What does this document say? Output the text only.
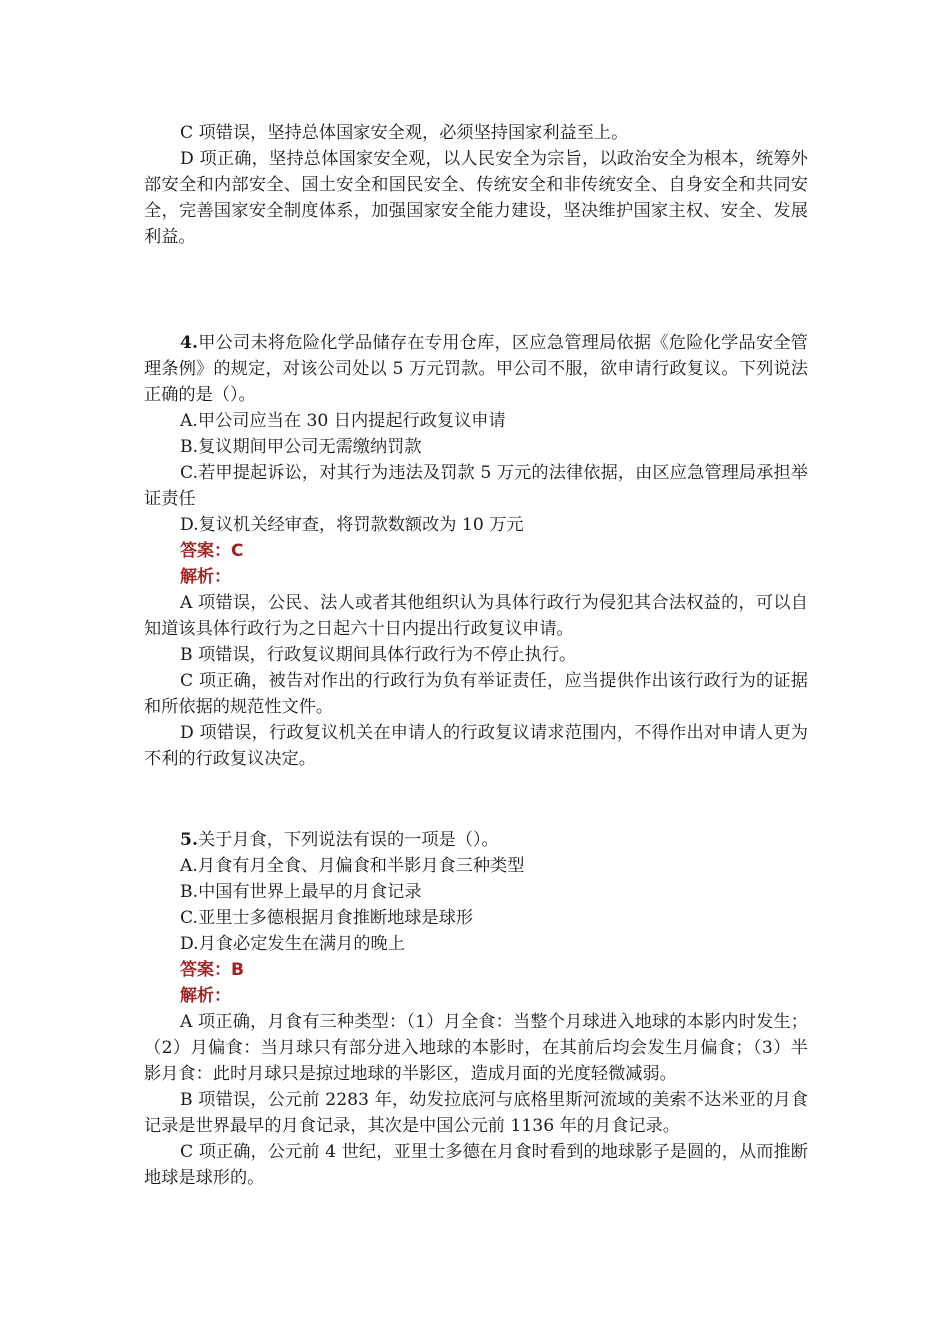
C 项错误，坚持总体国家安全观，必须坚持国家利益至上。

D 项正确，坚持总体国家安全观，以人民安全为宗旨，以政治安全为根本，统筹外部安全和内部安全、国土安全和国民安全、传统安全和非传统安全、自身安全和共同安全，完善国家安全制度体系，加强国家安全能力建设，坚决维护国家主权、安全、发展利益。

4.甲公司未将危险化学品储存在专用仓库，区应急管理局依据《危险化学品安全管理条例》的规定，对该公司处以 5 万元罚款。甲公司不服，欲申请行政复议。下列说法正确的是（）。

A.甲公司应当在 30 日内提起行政复议申请

B.复议期间甲公司无需缴纳罚款

C.若甲提起诉讼，对其行为违法及罚款 5 万元的法律依据，由区应急管理局承担举证责任

D.复议机关经审查，将罚款数额改为 10 万元

答案：C

解析：

A 项错误，公民、法人或者其他组织认为具体行政行为侵犯其合法权益的，可以自知道该具体行政行为之日起六十日内提出行政复议申请。

B 项错误，行政复议期间具体行政行为不停止执行。

C 项正确，被告对作出的行政行为负有举证责任，应当提供作出该行政行为的证据和所依据的规范性文件。

D 项错误，行政复议机关在申请人的行政复议请求范围内，不得作出对申请人更为不利的行政复议决定。

5.关于月食，下列说法有误的一项是（）。

A.月食有月全食、月偏食和半影月食三种类型

B.中国有世界上最早的月食记录

C.亚里士多德根据月食推断地球是球形

D.月食必定发生在满月的晚上

答案：B

解析：

A 项正确，月食有三种类型：（1）月全食：当整个月球进入地球的本影内时发生；（2）月偏食：当月球只有部分进入地球的本影时，在其前后均会发生月偏食；（3）半影月食：此时月球只是掠过地球的半影区，造成月面的光度轻微减弱。

B 项错误，公元前 2283 年，幼发拉底河与底格里斯河流域的美索不达米亚的月食记录是世界最早的月食记录，其次是中国公元前 1136 年的月食记录。

C 项正确，公元前 4 世纪，亚里士多德在月食时看到的地球影子是圆的，从而推断地球是球形的。
